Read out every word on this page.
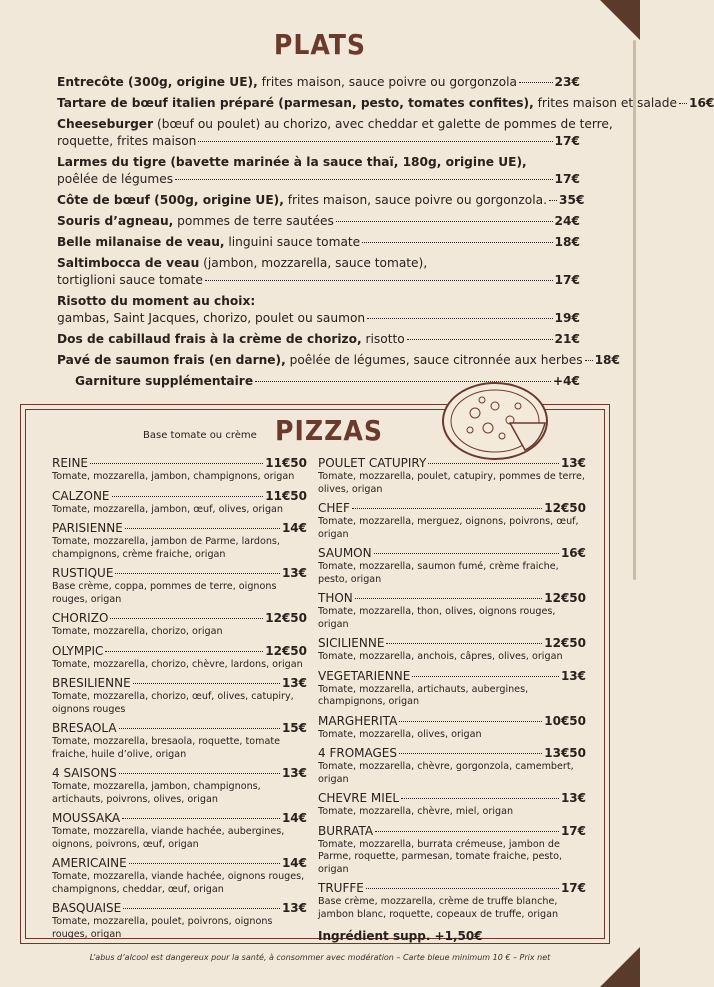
PLATS
Entrecôte (300g, origine UE), frites maison, sauce poivre ou gorgonzola	23€
Tartare de bœuf italien préparé (parmesan, pesto, tomates confites), frites maison et salade 16€
Cheeseburger (bœuf ou poulet) au chorizo, avec cheddar et galette de pommes de terre,
roquette, frites maison	17€
Larmes du tigre (bavette marinée à la sauce thaï, 180g, origine UE),
poêlée de légumes	17€
Côte de bœuf (500g, origine UE), frites maison, sauce poivre ou gorgonzola. 35€
Souris d’agneau, pommes de terre sautées	24€
Belle milanaise de veau, linguini sauce tomate	18€
Saltimbocca de veau (jambon, mozzarella, sauce tomate),
tortiglioni sauce tomate	17€
Risotto du moment au choix:
gambas, Saint Jacques, chorizo, poulet ou saumon	19€
Dos de cabillaud frais à la crème de chorizo, risotto	21€
Pavé de saumon frais (en darne), poêlée de légumes, sauce citronnée aux herbes 18€
Garniture supplémentaire	+4€
Base tomate ou crème PIZZAS
REINE	11€50
Tomate, mozzarella, jambon, champignons, origan
CALZONE	11€50
Tomate, mozzarella, jambon, œuf, olives, origan
PARISIENNE	14€
Tomate, mozzarella, jambon de Parme, lardons, champignons, crème fraiche, origan
RUSTIQUE	13€
Base crème, coppa, pommes de terre, oignons rouges, origan
CHORIZO	12€50
Tomate, mozzarella, chorizo, origan
OLYMPIC	12€50
Tomate, mozzarella, chorizo, chèvre, lardons, origan
BRESILIENNE	13€
Tomate, mozzarella, chorizo, œuf, olives, catupiry, oignons rouges
BRESAOLA	15€
Tomate, mozzarella, bresaola, roquette, tomate fraiche, huile d’olive, origan
4 SAISONS	13€
Tomate, mozzarella, jambon, champignons, artichauts, poivrons, olives, origan
MOUSSAKA	14€
Tomate, mozzarella, viande hachée, aubergines, oignons, poivrons, œuf, origan
AMERICAINE	14€
Tomate, mozzarella, viande hachée, oignons rouges, champignons, cheddar, œuf, origan
BASQUAISE	13€
Tomate, mozzarella, poulet, poivrons, oignons rouges, origan
POULET CATUPIRY	13€
Tomate, mozzarella, poulet, catupiry, pommes de terre, olives, origan
CHEF	12€50
Tomate, mozzarella, merguez, oignons, poivrons, œuf, origan
SAUMON	16€
Tomate, mozzarella, saumon fumé, crème fraiche, pesto, origan
THON	12€50
Tomate, mozzarella, thon, olives, oignons rouges, origan
SICILIENNE	12€50
Tomate, mozzarella, anchois, câpres, olives, origan
VEGETARIENNE	13€
Tomate, mozzarella, artichauts, aubergines, champignons, origan
MARGHERITA	10€50
Tomate, mozzarella, olives, origan
4 FROMAGES	13€50
Tomate, mozzarella, chèvre, gorgonzola, camembert, origan
CHEVRE MIEL	13€
Tomate, mozzarella, chèvre, miel, origan
BURRATA	17€
Tomate, mozzarella, burrata crémeuse, jambon de Parme, roquette, parmesan, tomate fraiche, pesto, origan
TRUFFE	17€
Base crème, mozzarella, crème de truffe blanche, jambon blanc, roquette, copeaux de truffe, origan
Ingrédient supp. +1,50€
L’abus d’alcool est dangereux pour la santé, à consommer avec modération – Carte bleue minimum 10 € – Prix net
